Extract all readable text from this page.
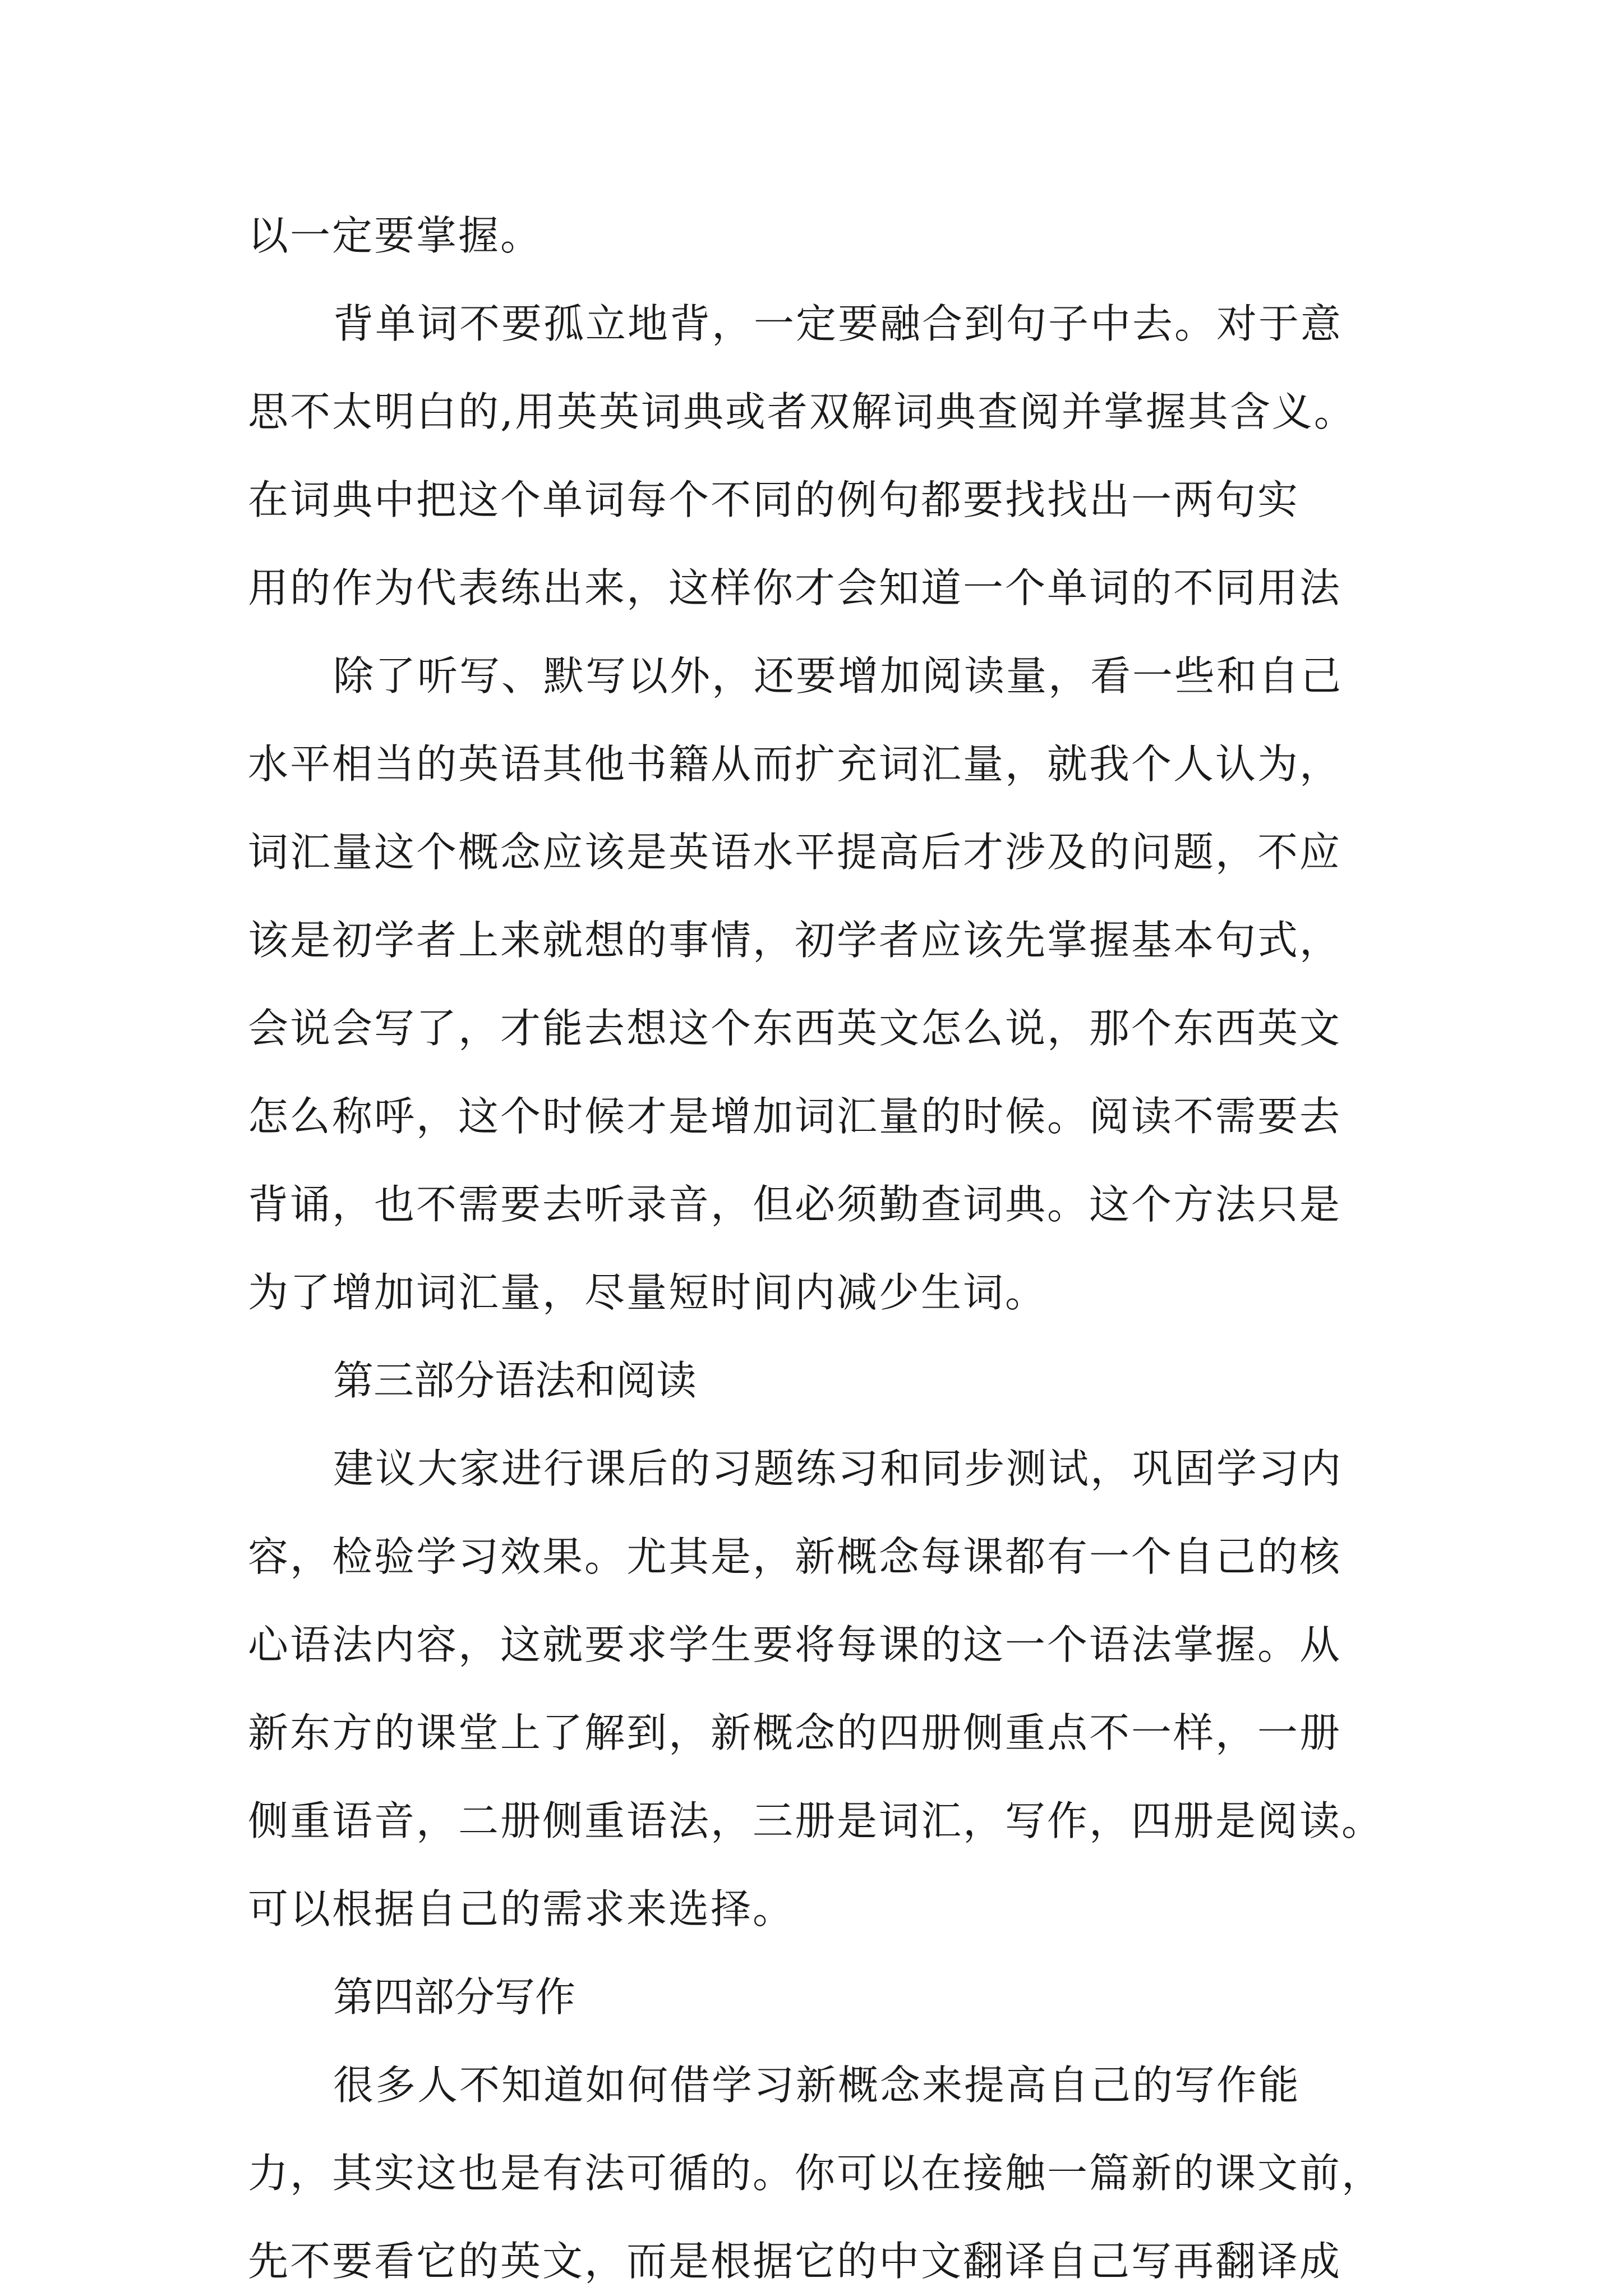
以一定要掌握。

背单词不要孤立地背，一定要融合到句子中去。对于意

思不太明白的,用英英词典或者双解词典查阅并掌握其含义。

在词典中把这个单词每个不同的例句都要找找出一两句实

用的作为代表练出来，这样你才会知道一个单词的不同用法

除了听写、默写以外，还要增加阅读量，看一些和自己

水平相当的英语其他书籍从而扩充词汇量，就我个人认为，

词汇量这个概念应该是英语水平提高后才涉及的问题，不应

该是初学者上来就想的事情，初学者应该先掌握基本句式，

会说会写了，才能去想这个东西英文怎么说，那个东西英文

怎么称呼，这个时候才是增加词汇量的时候。阅读不需要去

背诵，也不需要去听录音，但必须勤查词典。这个方法只是

为了增加词汇量，尽量短时间内减少生词。

第三部分语法和阅读

建议大家进行课后的习题练习和同步测试，巩固学习内

容，检验学习效果。尤其是，新概念每课都有一个自己的核

心语法内容，这就要求学生要将每课的这一个语法掌握。从

新东方的课堂上了解到，新概念的四册侧重点不一样，一册

侧重语音，二册侧重语法，三册是词汇，写作，四册是阅读。

可以根据自己的需求来选择。

第四部分写作

很多人不知道如何借学习新概念来提高自己的写作能

力，其实这也是有法可循的。你可以在接触一篇新的课文前，

先不要看它的英文，而是根据它的中文翻译自己写再翻译成
